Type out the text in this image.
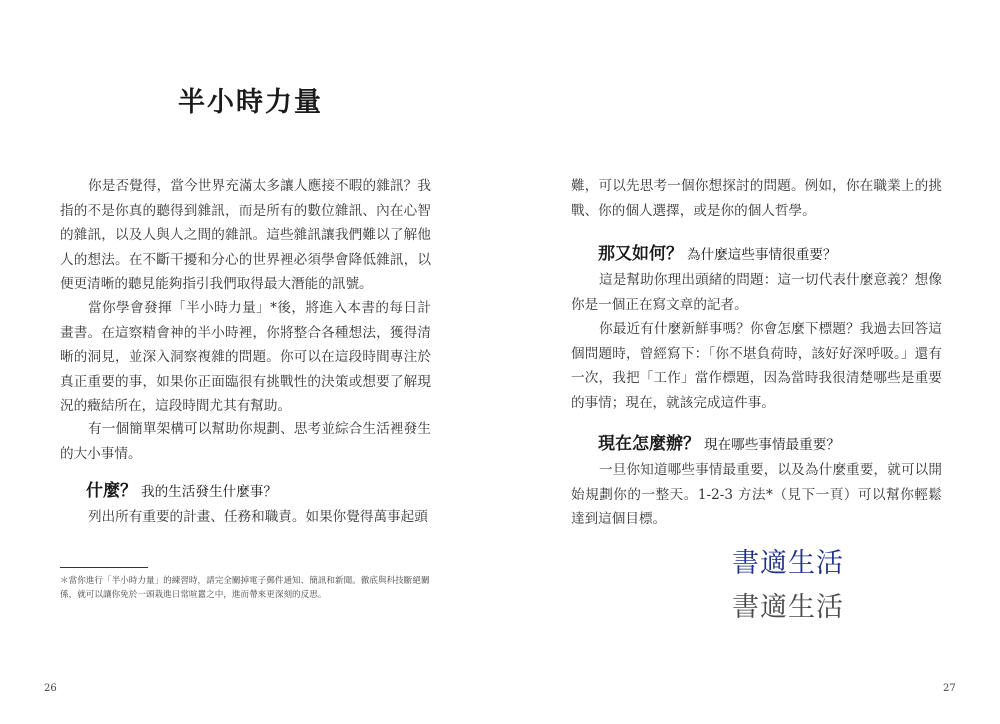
半小時力量

你是否覺得，當今世界充滿太多讓人應接不暇的雜訊？我指的不是你真的聽得到雜訊，而是所有的數位雜訊、內在心智的雜訊，以及人與人之間的雜訊。這些雜訊讓我們難以了解他人的想法。在不斷干擾和分心的世界裡必須學會降低雜訊，以便更清晰的聽見能夠指引我們取得最大潛能的訊號。

當你學會發揮「半小時力量」*後，將進入本書的每日計畫書。在這察精會神的半小時裡，你將整合各種想法，獲得清晰的洞見，並深入洞察複雜的問題。你可以在這段時間專注於真正重要的事，如果你正面臨很有挑戰性的決策或想要了解現況的癥結所在，這段時間尤其有幫助。

有一個簡單架構可以幫助你規劃、思考並綜合生活裡發生的大小事情。

什麼？ 我的生活發生什麼事？

列出所有重要的計畫、任務和職責。如果你覺得萬事起頭

＊當你進行「半小時力量」的練習時，請完全關掉電子郵件通知、簡訊和新聞。徹底與科技斷絕關係，就可以讓你免於一頭栽進日常喧囂之中，進而帶來更深刻的反思。

26

難，可以先思考一個你想探討的問題。例如，你在職業上的挑戰、你的個人選擇，或是你的個人哲學。

那又如何？ 為什麼這些事情很重要？

這是幫助你理出頭緒的問題：這一切代表什麼意義？想像你是一個正在寫文章的記者。

你最近有什麼新鮮事嗎？你會怎麼下標題？我過去回答這個問題時，曾經寫下：「你不堪負荷時，該好好深呼吸。」還有一次，我把「工作」當作標題，因為當時我很清楚哪些是重要的事情；現在，就該完成這件事。

現在怎麼辦？ 現在哪些事情最重要？

一旦你知道哪些事情最重要，以及為什麼重要，就可以開始規劃你的一整天。1-2-3 方法*（見下一頁）可以幫你輕鬆達到這個目標。

27
書適生活
書適生活
